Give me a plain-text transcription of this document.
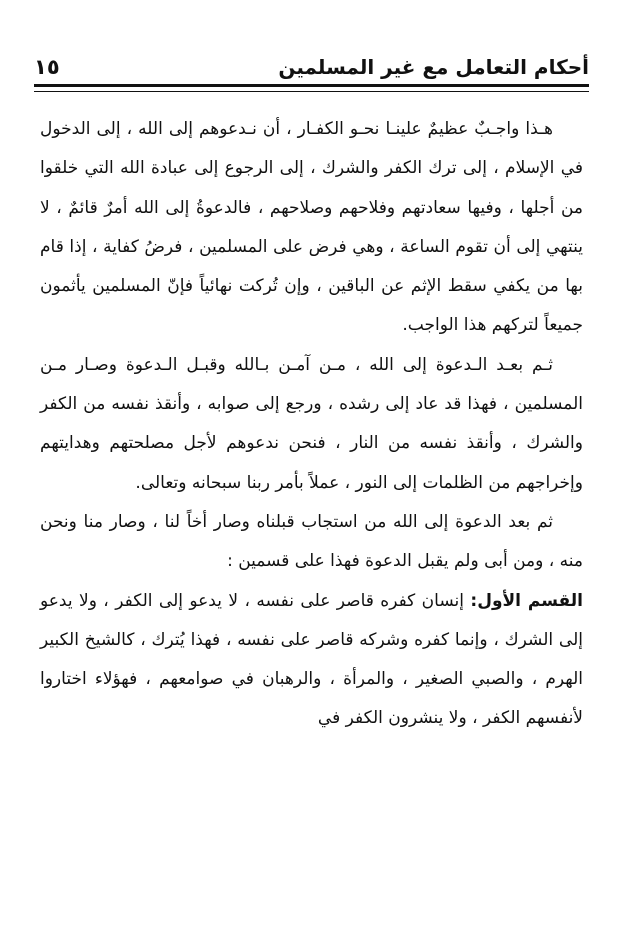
أحكام التعامل مع غير المسلمين
١٥

هـذا واجـبٌ عظيمٌ علينـا نحـو الكفـار ، أن نـدعوهم إلى الله ، إلى الدخول في الإسلام ، إلى ترك الكفر والشرك ، إلى الرجوع إلى عبادة الله التي خلقوا من أجلها ، وفيها سعادتهم وفلاحهم وصلاحهم ، فالدعوةُ إلى الله أمرٌ قائمٌ ، لا ينتهي إلى أن تقوم الساعة ، وهي فرض على المسلمين ، فرضُ كفاية ، إذا قام بها من يكفي سقط الإثم عن الباقين ، وإن تُركت نهائياً فإنّ المسلمين يأثمون جميعاً لتركهم هذا الواجب.

ثـم بعـد الـدعوة إلى الله ، مـن آمـن بـالله وقبـل الـدعوة وصـار مـن المسلمين ، فهذا قد عاد إلى رشده ، ورجع إلى صوابه ، وأنقذ نفسه من الكفر والشرك ، وأنقذ نفسه من النار ، فنحن ندعوهم لأجل مصلحتهم وهدايتهم وإخراجهم من الظلمات إلى النور ، عملاً بأمر ربنا سبحانه وتعالى.

ثم بعد الدعوة إلى الله من استجاب قبلناه وصار أخاً لنا ، وصار منا ونحن منه ، ومن أبى ولم يقبل الدعوة فهذا على قسمين :

القسم الأول: إنسان كفره قاصر على نفسه ، لا يدعو إلى الكفر ، ولا يدعو إلى الشرك ، وإنما كفره وشركه قاصر على نفسه ، فهذا يُترك ، كالشيخ الكبير الهرم ، والصبي الصغير ، والمرأة ، والرهبان في صوامعهم ، فهؤلاء اختاروا لأنفسهم الكفر ، ولا ينشرون الكفر في
